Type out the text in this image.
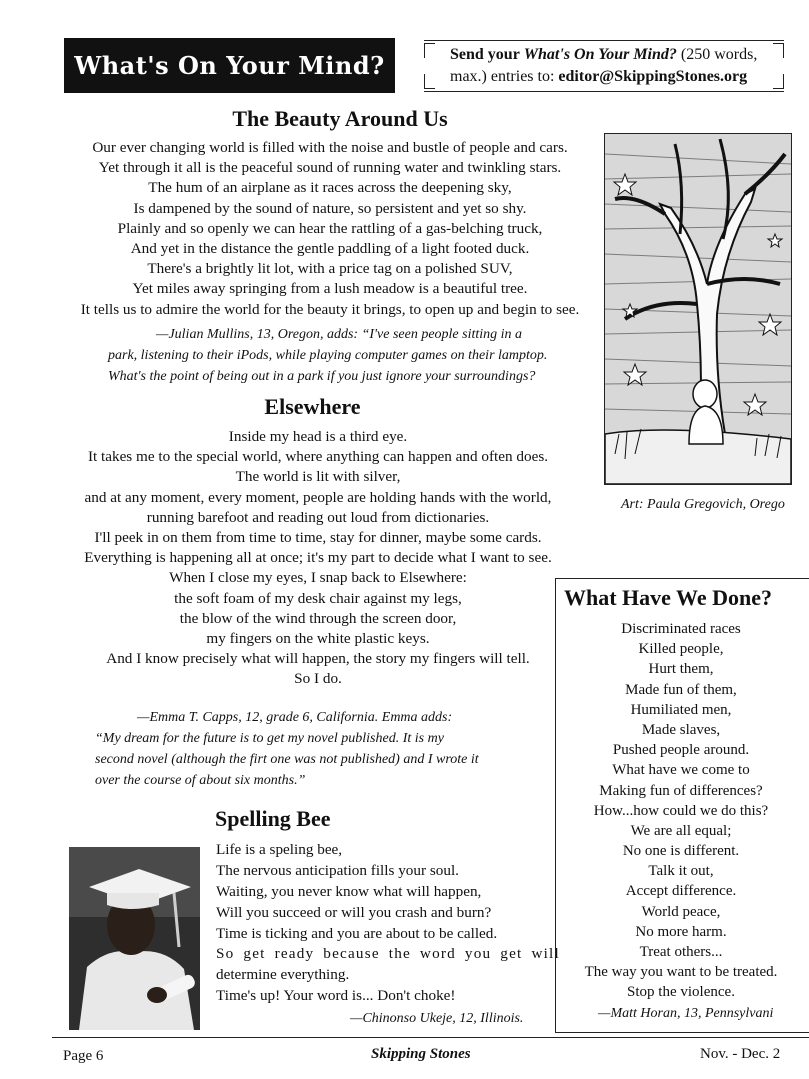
What's On Your Mind?	Send your What's On Your Mind? (250 words,
max.) entries to: editor@SkippingStones.org
The Beauty Around Us
Our ever changing world is filled with the noise and bustle of people and cars.
Yet through it all is the peaceful sound of running water and twinkling stars.
The hum of an airplane as it races across the deepening sky,
Is dampened by the sound of nature, so persistent and yet so shy.
Plainly and so openly we can hear the rattling of a gas-belching truck,
And yet in the distance the gentle paddling of a light footed duck.
There's a brightly lit lot, with a price tag on a polished SUV,
Yet miles away springing from a lush meadow is a beautiful tree.
It tells us to admire the world for the beauty it brings, to open up and begin to see.
—Julian Mullins, 13, Oregon, adds: “I've seen people sitting in a
park, listening to their iPods, while playing computer games on their lamptop.
What's the point of being out in a park if you just ignore your surroundings?
Elsewhere
Inside my head is a third eye.
It takes me to the special world, where anything can happen and often does.
The world is lit with silver,
and at any moment, every moment, people are holding hands with the world,
running barefoot and reading out loud from dictionaries.
I'll peek in on them from time to time, stay for dinner, maybe some cards.
Everything is happening all at once; it's my part to decide what I want to see.
When I close my eyes, I snap back to Elsewhere:
the soft foam of my desk chair against my legs,
the blow of the wind through the screen door,
my fingers on the white plastic keys.
And I know precisely what will happen, the story my fingers will tell.
So I do.
—Emma T. Capps, 12, grade 6, California. Emma adds:
“My dream for the future is to get my novel published. It is my
second novel (although the firt one was not published) and I wrote it
over the course of about six months.”
Spelling Bee
Life is a speling bee,
The nervous anticipation fills your soul.
Waiting, you never know what will happen,
Will you succeed or will you crash and burn?
Time is ticking and you are about to be called.
So get ready because the word you get will
determine everything.
Time's up! Your word is... Don't choke!
—Chinonso Ukeje, 12, Illinois.
Art: Paula Gregovich, Orego
What Have We Done?
Discriminated races
Killed people,
Hurt them,
Made fun of them,
Humiliated men,
Made slaves,
Pushed people around.
What have we come to
Making fun of differences?
How...how could we do this?
We are all equal;
No one is different.
Talk it out,
Accept difference.
World peace,
No more harm.
Treat others...
The way you want to be treated.
Stop the violence.
—Matt Horan, 13, Pennsylvani
Page 6	Skipping Stones	Nov. - Dec. 2
